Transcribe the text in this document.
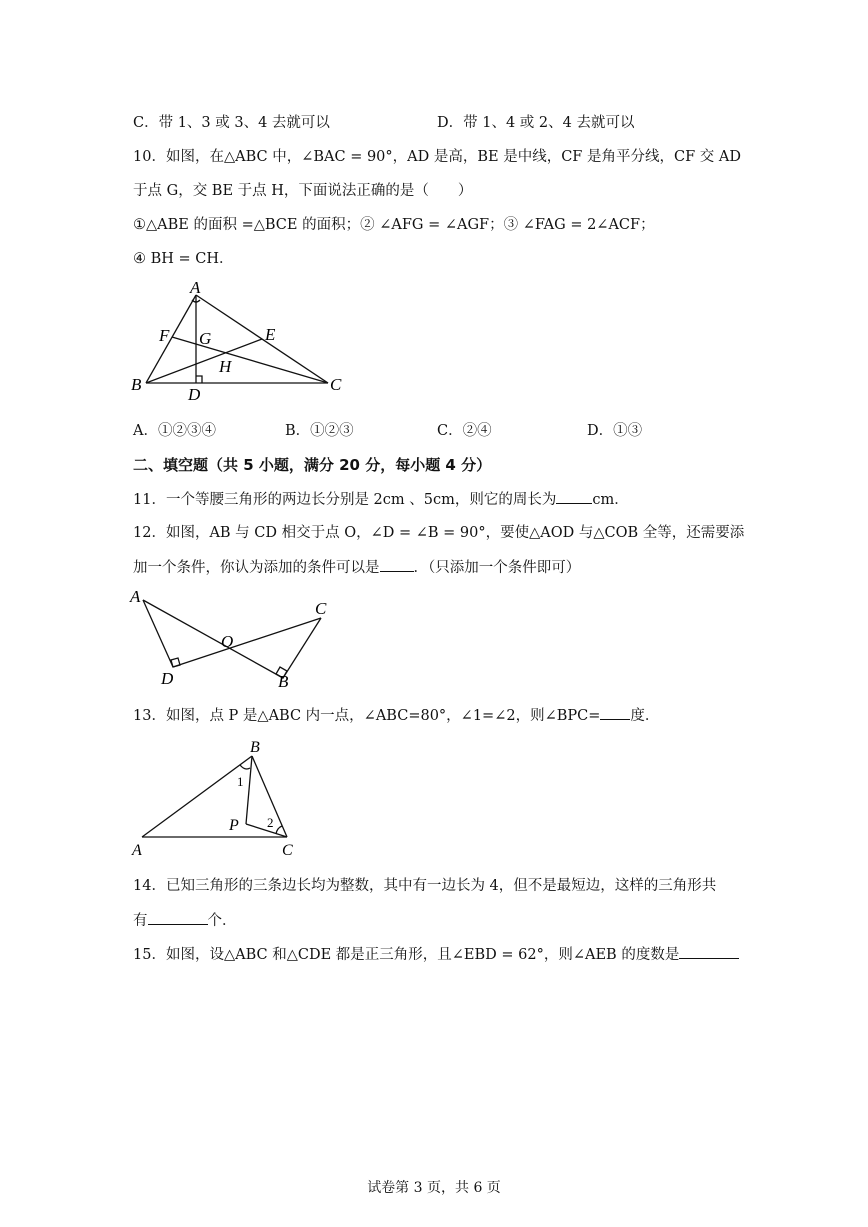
C．带 1、3 或 3、4 去就可以	D．带 1、4 或 2、4 去就可以
10．如图，在△ABC 中，∠BAC = 90°，AD 是高，BE 是中线，CF 是角平分线，CF 交 AD
于点 G，交 BE 于点 H，下面说法正确的是（　　）
①△ABE 的面积 =△BCE 的面积；② ∠AFG = ∠AGF；③ ∠FAG = 2∠ACF；
④ BH = CH．
A
B	C
D
E
F G
H
A．①②③④	B．①②③	C．②④	D．①③
二、填空题（共 5 小题，满分 20 分，每小题 4 分）
11．一个等腰三角形的两边长分别是 2cm 、5cm，则它的周长为 cm．
12．如图，AB 与 CD 相交于点 O，∠D = ∠B = 90°，要使△AOD 与△COB 全等，还需要添
加一个条件，你认为添加的条件可以是 ．（只添加一个条件即可）
A
D
O
C
B
13．如图，点 P 是△ABC 内一点，∠ABC=80°，∠1=∠2，则∠BPC= 度．
B
A	C
P
1
2
14．已知三角形的三条边长均为整数，其中有一边长为 4，但不是最短边，这样的三角形共
有	个．
15．如图，设△ABC 和△CDE 都是正三角形，且∠EBD = 62°，则∠AEB 的度数是
试卷第 3 页，共 6 页
